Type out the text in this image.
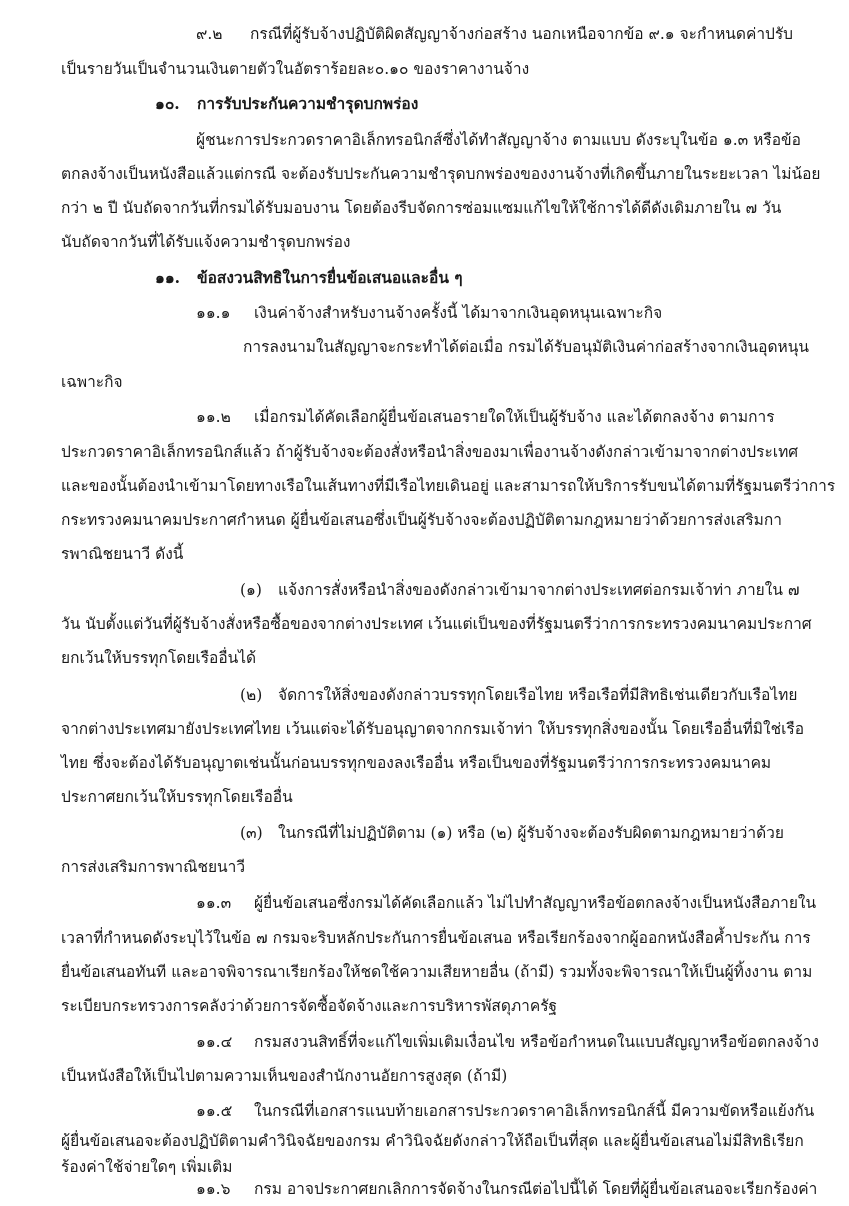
๙.๒ กรณีที่ผู้รับจ้างปฏิบัติผิดสัญญาจ้างก่อสร้าง นอกเหนือจากข้อ ๙.๑ จะกำหนดค่าปรับ
เป็นรายวันเป็นจำนวนเงินตายตัวในอัตราร้อยละ๐.๑๐ ของราคางานจ้าง
๑๐. การรับประกันความชำรุดบกพร่อง
ผู้ชนะการประกวดราคาอิเล็กทรอนิกส์ซึ่งได้ทำสัญญาจ้าง ตามแบบ ดังระบุในข้อ ๑.๓ หรือข้อ
ตกลงจ้างเป็นหนังสือแล้วแต่กรณี จะต้องรับประกันความชำรุดบกพร่องของงานจ้างที่เกิดขึ้นภายในระยะเวลา ไม่น้อย
กว่า ๒ ปี นับถัดจากวันที่กรมได้รับมอบงาน โดยต้องรีบจัดการซ่อมแซมแก้ไขให้ใช้การได้ดีดังเดิมภายใน ๗ วัน
นับถัดจากวันที่ได้รับแจ้งความชำรุดบกพร่อง
๑๑. ข้อสงวนสิทธิในการยื่นข้อเสนอและอื่น ๆ
๑๑.๑ เงินค่าจ้างสำหรับงานจ้างครั้งนี้ ได้มาจากเงินอุดหนุนเฉพาะกิจ
การลงนามในสัญญาจะกระทำได้ต่อเมื่อ กรมได้รับอนุมัติเงินค่าก่อสร้างจากเงินอุดหนุน
เฉพาะกิจ
๑๑.๒ เมื่อกรมได้คัดเลือกผู้ยื่นข้อเสนอรายใดให้เป็นผู้รับจ้าง และได้ตกลงจ้าง ตามการ
ประกวดราคาอิเล็กทรอนิกส์แล้ว ถ้าผู้รับจ้างจะต้องสั่งหรือนำสิ่งของมาเพื่องานจ้างดังกล่าวเข้ามาจากต่างประเทศ
และของนั้นต้องนำเข้ามาโดยทางเรือในเส้นทางที่มีเรือไทยเดินอยู่ และสามารถให้บริการรับขนได้ตามที่รัฐมนตรีว่าการ
กระทรวงคมนาคมประกาศกำหนด ผู้ยื่นข้อเสนอซึ่งเป็นผู้รับจ้างจะต้องปฏิบัติตามกฎหมายว่าด้วยการส่งเสริมกา
รพาณิชยนาวี ดังนี้
(๑) แจ้งการสั่งหรือนำสิ่งของดังกล่าวเข้ามาจากต่างประเทศต่อกรมเจ้าท่า ภายใน ๗
วัน นับตั้งแต่วันที่ผู้รับจ้างสั่งหรือซื้อของจากต่างประเทศ เว้นแต่เป็นของที่รัฐมนตรีว่าการกระทรวงคมนาคมประกาศ
ยกเว้นให้บรรทุกโดยเรืออื่นได้
(๒) จัดการให้สิ่งของดังกล่าวบรรทุกโดยเรือไทย หรือเรือที่มีสิทธิเช่นเดียวกับเรือไทย
จากต่างประเทศมายังประเทศไทย เว้นแต่จะได้รับอนุญาตจากกรมเจ้าท่า ให้บรรทุกสิ่งของนั้น โดยเรืออื่นที่มิใช่เรือ
ไทย ซึ่งจะต้องได้รับอนุญาตเช่นนั้นก่อนบรรทุกของลงเรืออื่น หรือเป็นของที่รัฐมนตรีว่าการกระทรวงคมนาคม
ประกาศยกเว้นให้บรรทุกโดยเรืออื่น
(๓) ในกรณีที่ไม่ปฏิบัติตาม (๑) หรือ (๒) ผู้รับจ้างจะต้องรับผิดตามกฎหมายว่าด้วย
การส่งเสริมการพาณิชยนาวี
๑๑.๓ ผู้ยื่นข้อเสนอซึ่งกรมได้คัดเลือกแล้ว ไม่ไปทำสัญญาหรือข้อตกลงจ้างเป็นหนังสือภายใน
เวลาที่กำหนดดังระบุไว้ในข้อ ๗ กรมจะริบหลักประกันการยื่นข้อเสนอ หรือเรียกร้องจากผู้ออกหนังสือค้ำประกัน การ
ยื่นข้อเสนอทันที และอาจพิจารณาเรียกร้องให้ชดใช้ความเสียหายอื่น (ถ้ามี) รวมทั้งจะพิจารณาให้เป็นผู้ทิ้งงาน ตาม
ระเบียบกระทรวงการคลังว่าด้วยการจัดซื้อจัดจ้างและการบริหารพัสดุภาครัฐ
๑๑.๔ กรมสงวนสิทธิ์ที่จะแก้ไขเพิ่มเติมเงื่อนไข หรือข้อกำหนดในแบบสัญญาหรือข้อตกลงจ้าง
เป็นหนังสือให้เป็นไปตามความเห็นของสำนักงานอัยการสูงสุด (ถ้ามี)
๑๑.๕ ในกรณีที่เอกสารแนบท้ายเอกสารประกวดราคาอิเล็กทรอนิกส์นี้ มีความขัดหรือแย้งกัน
ผู้ยื่นข้อเสนอจะต้องปฏิบัติตามคำวินิจฉัยของกรม คำวินิจฉัยดังกล่าวให้ถือเป็นที่สุด และผู้ยื่นข้อเสนอไม่มีสิทธิเรียก
ร้องค่าใช้จ่ายใดๆ เพิ่มเติม
๑๑.๖ กรม อาจประกาศยกเลิกการจัดจ้างในกรณีต่อไปนี้ได้ โดยที่ผู้ยื่นข้อเสนอจะเรียกร้องค่า
